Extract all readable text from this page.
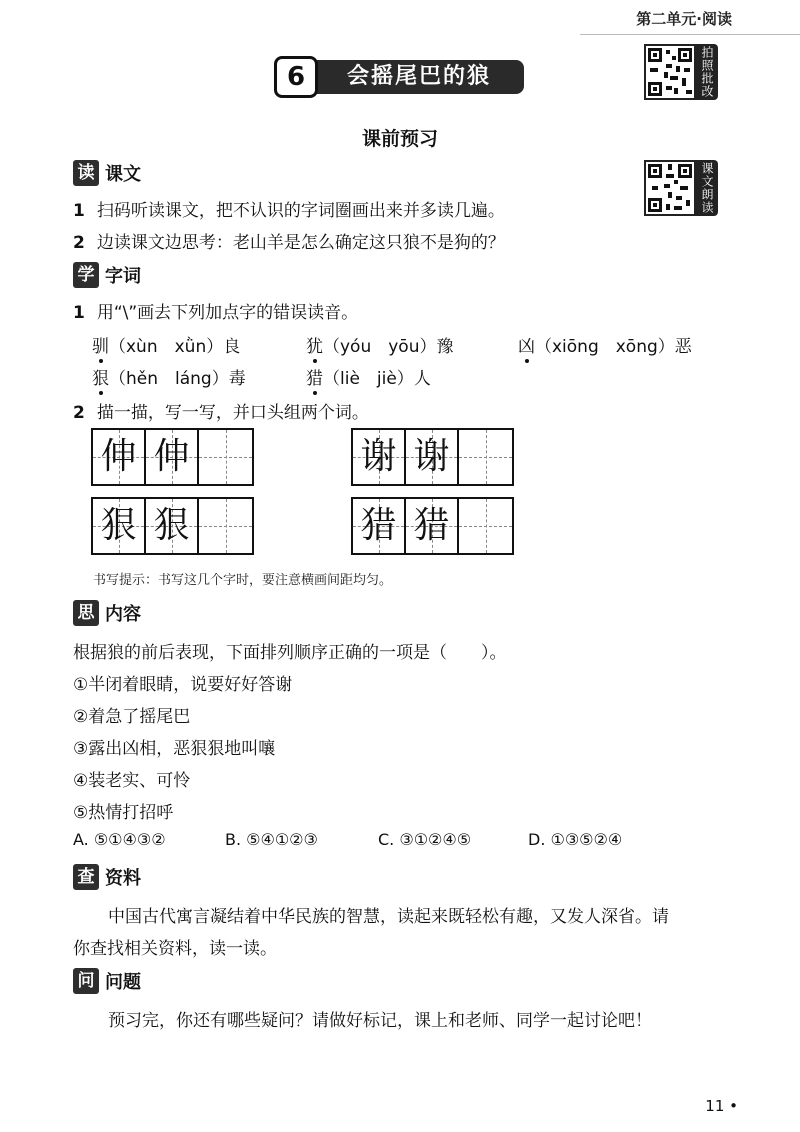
第二单元·阅读
会摇尾巴的狼
6	拍照批改
课文朗读
课前预习
读 课文
1 扫码听读课文，把不认识的字词圈画出来并多读几遍。
2 边读课文边思考：老山羊是怎么确定这只狼不是狗的？
学 字词
1 用“\”画去下列加点字的错误读音。
驯（xùn　xǜn）良	犹（yóu　yōu）豫	凶（xiōng　xōng）恶
狠（hěn　láng）毒	猎（liè　jiè）人
2 描一描，写一写，并口头组两个词。
伸 伸	谢 谢
狠 狠	猎 猎
书写提示：书写这几个字时，要注意横画间距均匀。
思 内容
根据狼的前后表现，下面排列顺序正确的一项是（　　）。
①半闭着眼睛，说要好好答谢
②着急了摇尾巴
③露出凶相，恶狠狠地叫嚷
④装老实、可怜
⑤热情打招呼
A. ⑤①④③②	B. ⑤④①②③	C. ③①②④⑤	D. ①③⑤②④
查 资料
中国古代寓言凝结着中华民族的智慧，读起来既轻松有趣，又发人深省。请
你查找相关资料，读一读。
问 问题
预习完，你还有哪些疑问？请做好标记，课上和老师、同学一起讨论吧！
11 •
